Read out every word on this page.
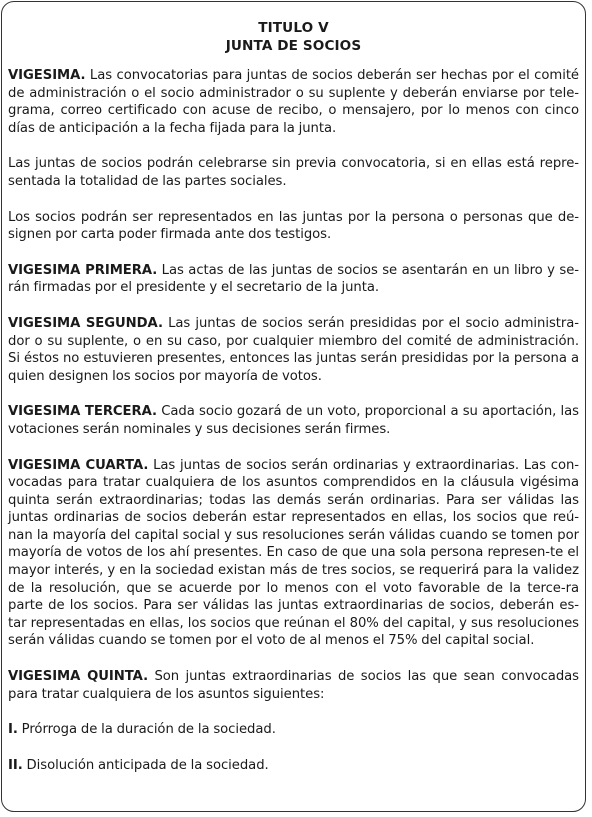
TITULO V

JUNTA DE SOCIOS

VIGESIMA. Las convocatorias para juntas de socios deberán ser hechas por el comité de administración o el socio administrador o su suplente y deberán enviarse por tele-grama, correo certificado con acuse de recibo, o mensajero, por lo menos con cinco días de anticipación a la fecha fijada para la junta.

Las juntas de socios podrán celebrarse sin previa convocatoria, si en ellas está repre-sentada la totalidad de las partes sociales.

Los socios podrán ser representados en las juntas por la persona o personas que de-signen por carta poder firmada ante dos testigos.

VIGESIMA PRIMERA. Las actas de las juntas de socios se asentarán en un libro y se-rán firmadas por el presidente y el secretario de la junta.

VIGESIMA SEGUNDA. Las juntas de socios serán presididas por el socio administra-dor o su suplente, o en su caso, por cualquier miembro del comité de administración. Si éstos no estuvieren presentes, entonces las juntas serán presididas por la persona a quien designen los socios por mayoría de votos.

VIGESIMA TERCERA. Cada socio gozará de un voto, proporcional a su aportación, las votaciones serán nominales y sus decisiones serán firmes.

VIGESIMA CUARTA. Las juntas de socios serán ordinarias y extraordinarias. Las con-vocadas para tratar cualquiera de los asuntos comprendidos en la cláusula vigésima quinta serán extraordinarias; todas las demás serán ordinarias. Para ser válidas las juntas ordinarias de socios deberán estar representados en ellas, los socios que reú-nan la mayoría del capital social y sus resoluciones serán válidas cuando se tomen por mayoría de votos de los ahí presentes. En caso de que una sola persona represen-te el mayor interés, y en la sociedad existan más de tres socios, se requerirá para la validez de la resolución, que se acuerde por lo menos con el voto favorable de la terce-ra parte de los socios. Para ser válidas las juntas extraordinarias de socios, deberán es-tar representadas en ellas, los socios que reúnan el 80% del capital, y sus resoluciones serán válidas cuando se tomen por el voto de al menos el 75% del capital social.

VIGESIMA QUINTA. Son juntas extraordinarias de socios las que sean convocadas para tratar cualquiera de los asuntos siguientes:

I. Prórroga de la duración de la sociedad.

II. Disolución anticipada de la sociedad.
